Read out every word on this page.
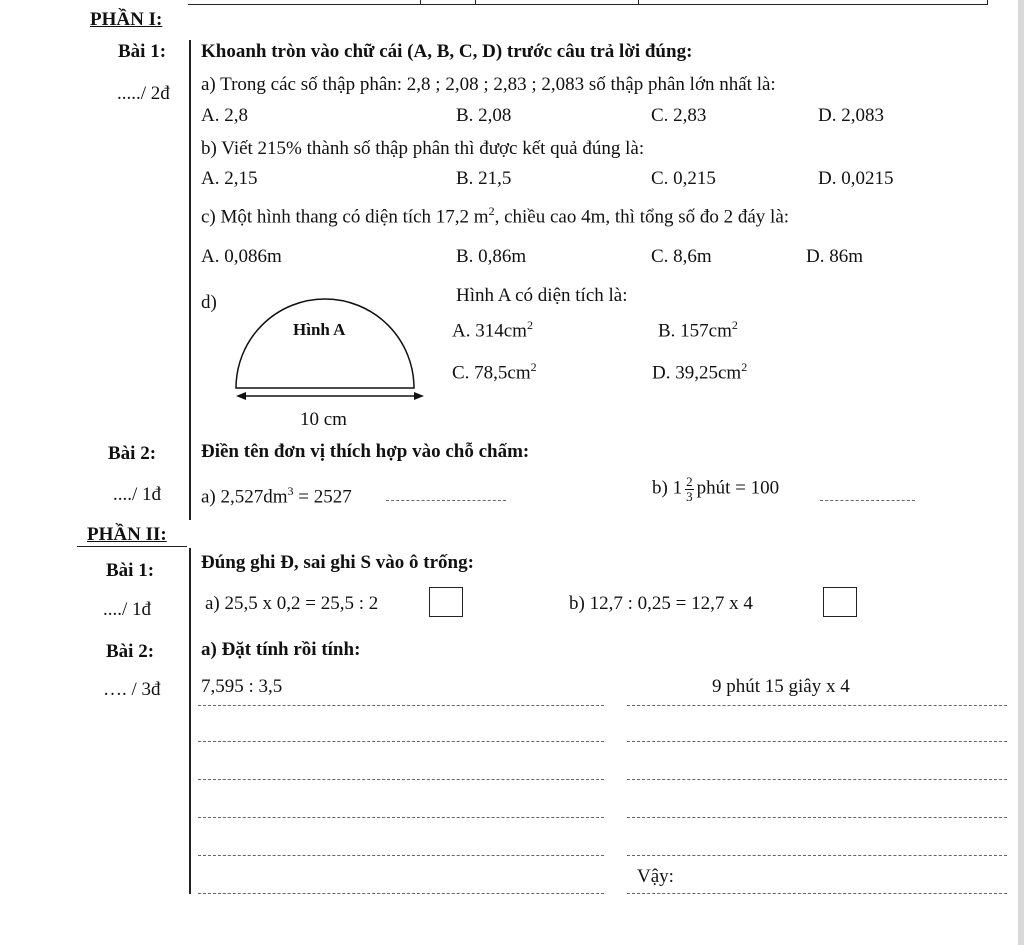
PHẦN I:
Bài 1:
...../ 2đ
Khoanh tròn vào chữ cái (A, B, C, D) trước câu trả lời đúng:
a) Trong các số thập phân: 2,8 ; 2,08 ; 2,83 ; 2,083 số thập phân lớn nhất là:
A. 2,8	B. 2,08	C. 2,83	D. 2,083
b) Viết 215% thành số thập phân thì được kết quả đúng là:
A. 2,15	B. 21,5	C. 0,215	D. 0,0215
c) Một hình thang có diện tích 17,2 $m^2$, chiều cao 4m, thì tổng số đo 2 đáy là:
A. 0,086m	B. 0,86m	C. 8,6m	D. 86m
d)
Hình A
10 cm
Hình A có diện tích là:
A. $314cm^2$	B. $157cm^2$
C. $78,5cm^2$	D. $39,25cm^2$
Bài 2: Điền tên đơn vị thích hợp vào chỗ chấm:
..../ 1đ a) $2,527dm^3 = 2527$	b) $1 \frac{2}{3}$ phút = 100
PHẦN II:
Bài 1: Đúng ghi Đ, sai ghi S vào ô trống:
..../ 1đ	a) 25,5 x 0,2 = 25,5 : 2	b) 12,7 : 0,25 = 12,7 x 4
Bài 2: a) Đặt tính rồi tính:
…. / 3đ 7,595 : 3,5	9 phút 15 giây x 4
Vậy:
